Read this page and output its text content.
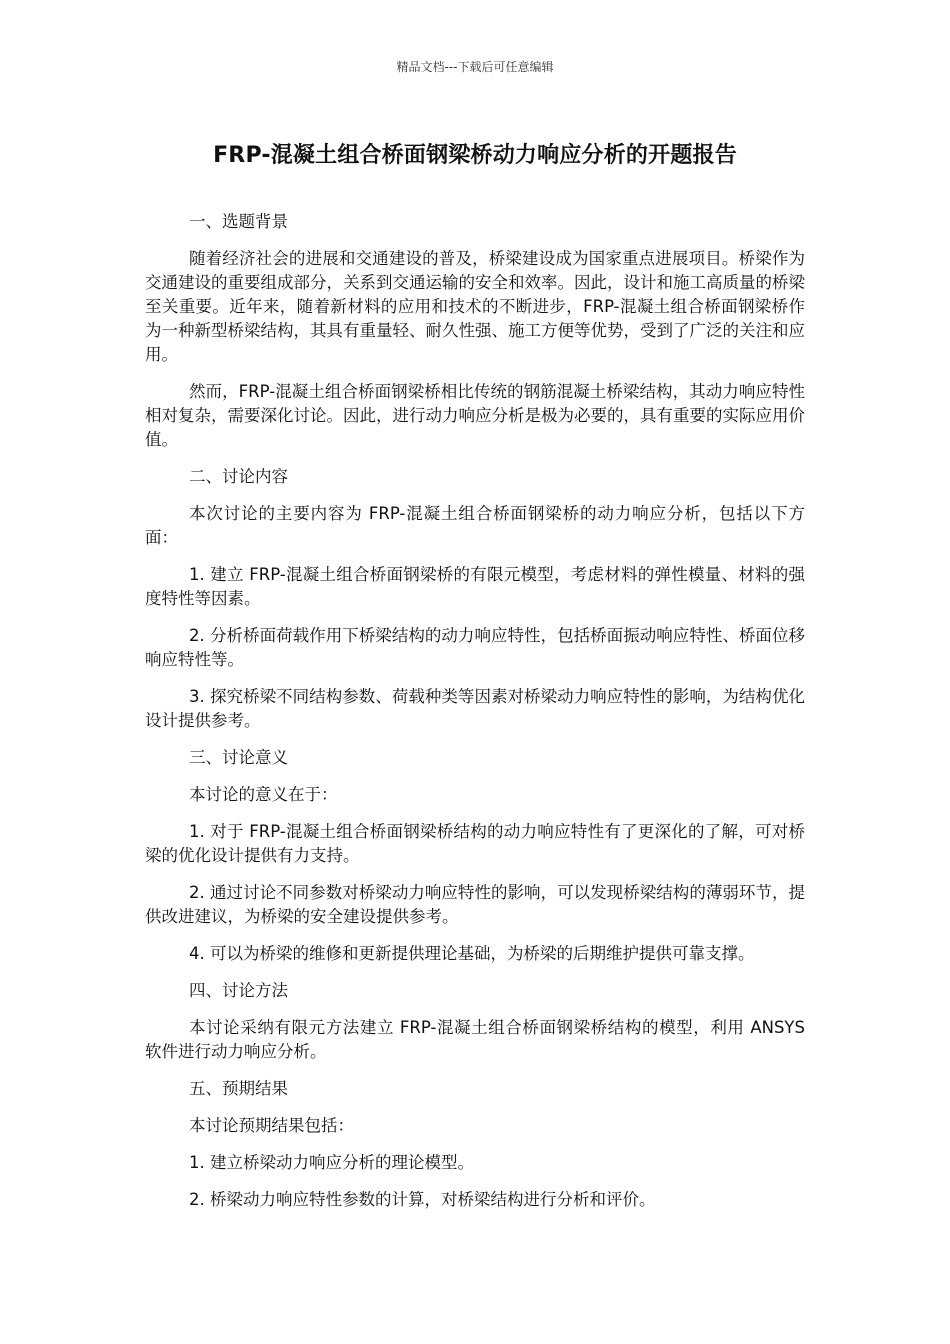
精品文档---下载后可任意编辑
FRP-混凝土组合桥面钢梁桥动力响应分析的开题报告

一、选题背景

随着经济社会的进展和交通建设的普及，桥梁建设成为国家重点进展项目。桥梁作为交通建设的重要组成部分，关系到交通运输的安全和效率。因此，设计和施工高质量的桥梁至关重要。近年来，随着新材料的应用和技术的不断进步，FRP-混凝土组合桥面钢梁桥作为一种新型桥梁结构，其具有重量轻、耐久性强、施工方便等优势，受到了广泛的关注和应用。

然而，FRP-混凝土组合桥面钢梁桥相比传统的钢筋混凝土桥梁结构，其动力响应特性相对复杂，需要深化讨论。因此，进行动力响应分析是极为必要的，具有重要的实际应用价值。

二、讨论内容

本次讨论的主要内容为 FRP-混凝土组合桥面钢梁桥的动力响应分析，包括以下方面：

1. 建立 FRP-混凝土组合桥面钢梁桥的有限元模型，考虑材料的弹性模量、材料的强度特性等因素。

2. 分析桥面荷载作用下桥梁结构的动力响应特性，包括桥面振动响应特性、桥面位移响应特性等。

3. 探究桥梁不同结构参数、荷载种类等因素对桥梁动力响应特性的影响，为结构优化设计提供参考。

三、讨论意义

本讨论的意义在于：

1. 对于 FRP-混凝土组合桥面钢梁桥结构的动力响应特性有了更深化的了解，可对桥梁的优化设计提供有力支持。

2. 通过讨论不同参数对桥梁动力响应特性的影响，可以发现桥梁结构的薄弱环节，提供改进建议，为桥梁的安全建设提供参考。

4. 可以为桥梁的维修和更新提供理论基础，为桥梁的后期维护提供可靠支撑。

四、讨论方法

本讨论采纳有限元方法建立 FRP-混凝土组合桥面钢梁桥结构的模型，利用 ANSYS 软件进行动力响应分析。

五、预期结果

本讨论预期结果包括：

1. 建立桥梁动力响应分析的理论模型。

2. 桥梁动力响应特性参数的计算，对桥梁结构进行分析和评价。
